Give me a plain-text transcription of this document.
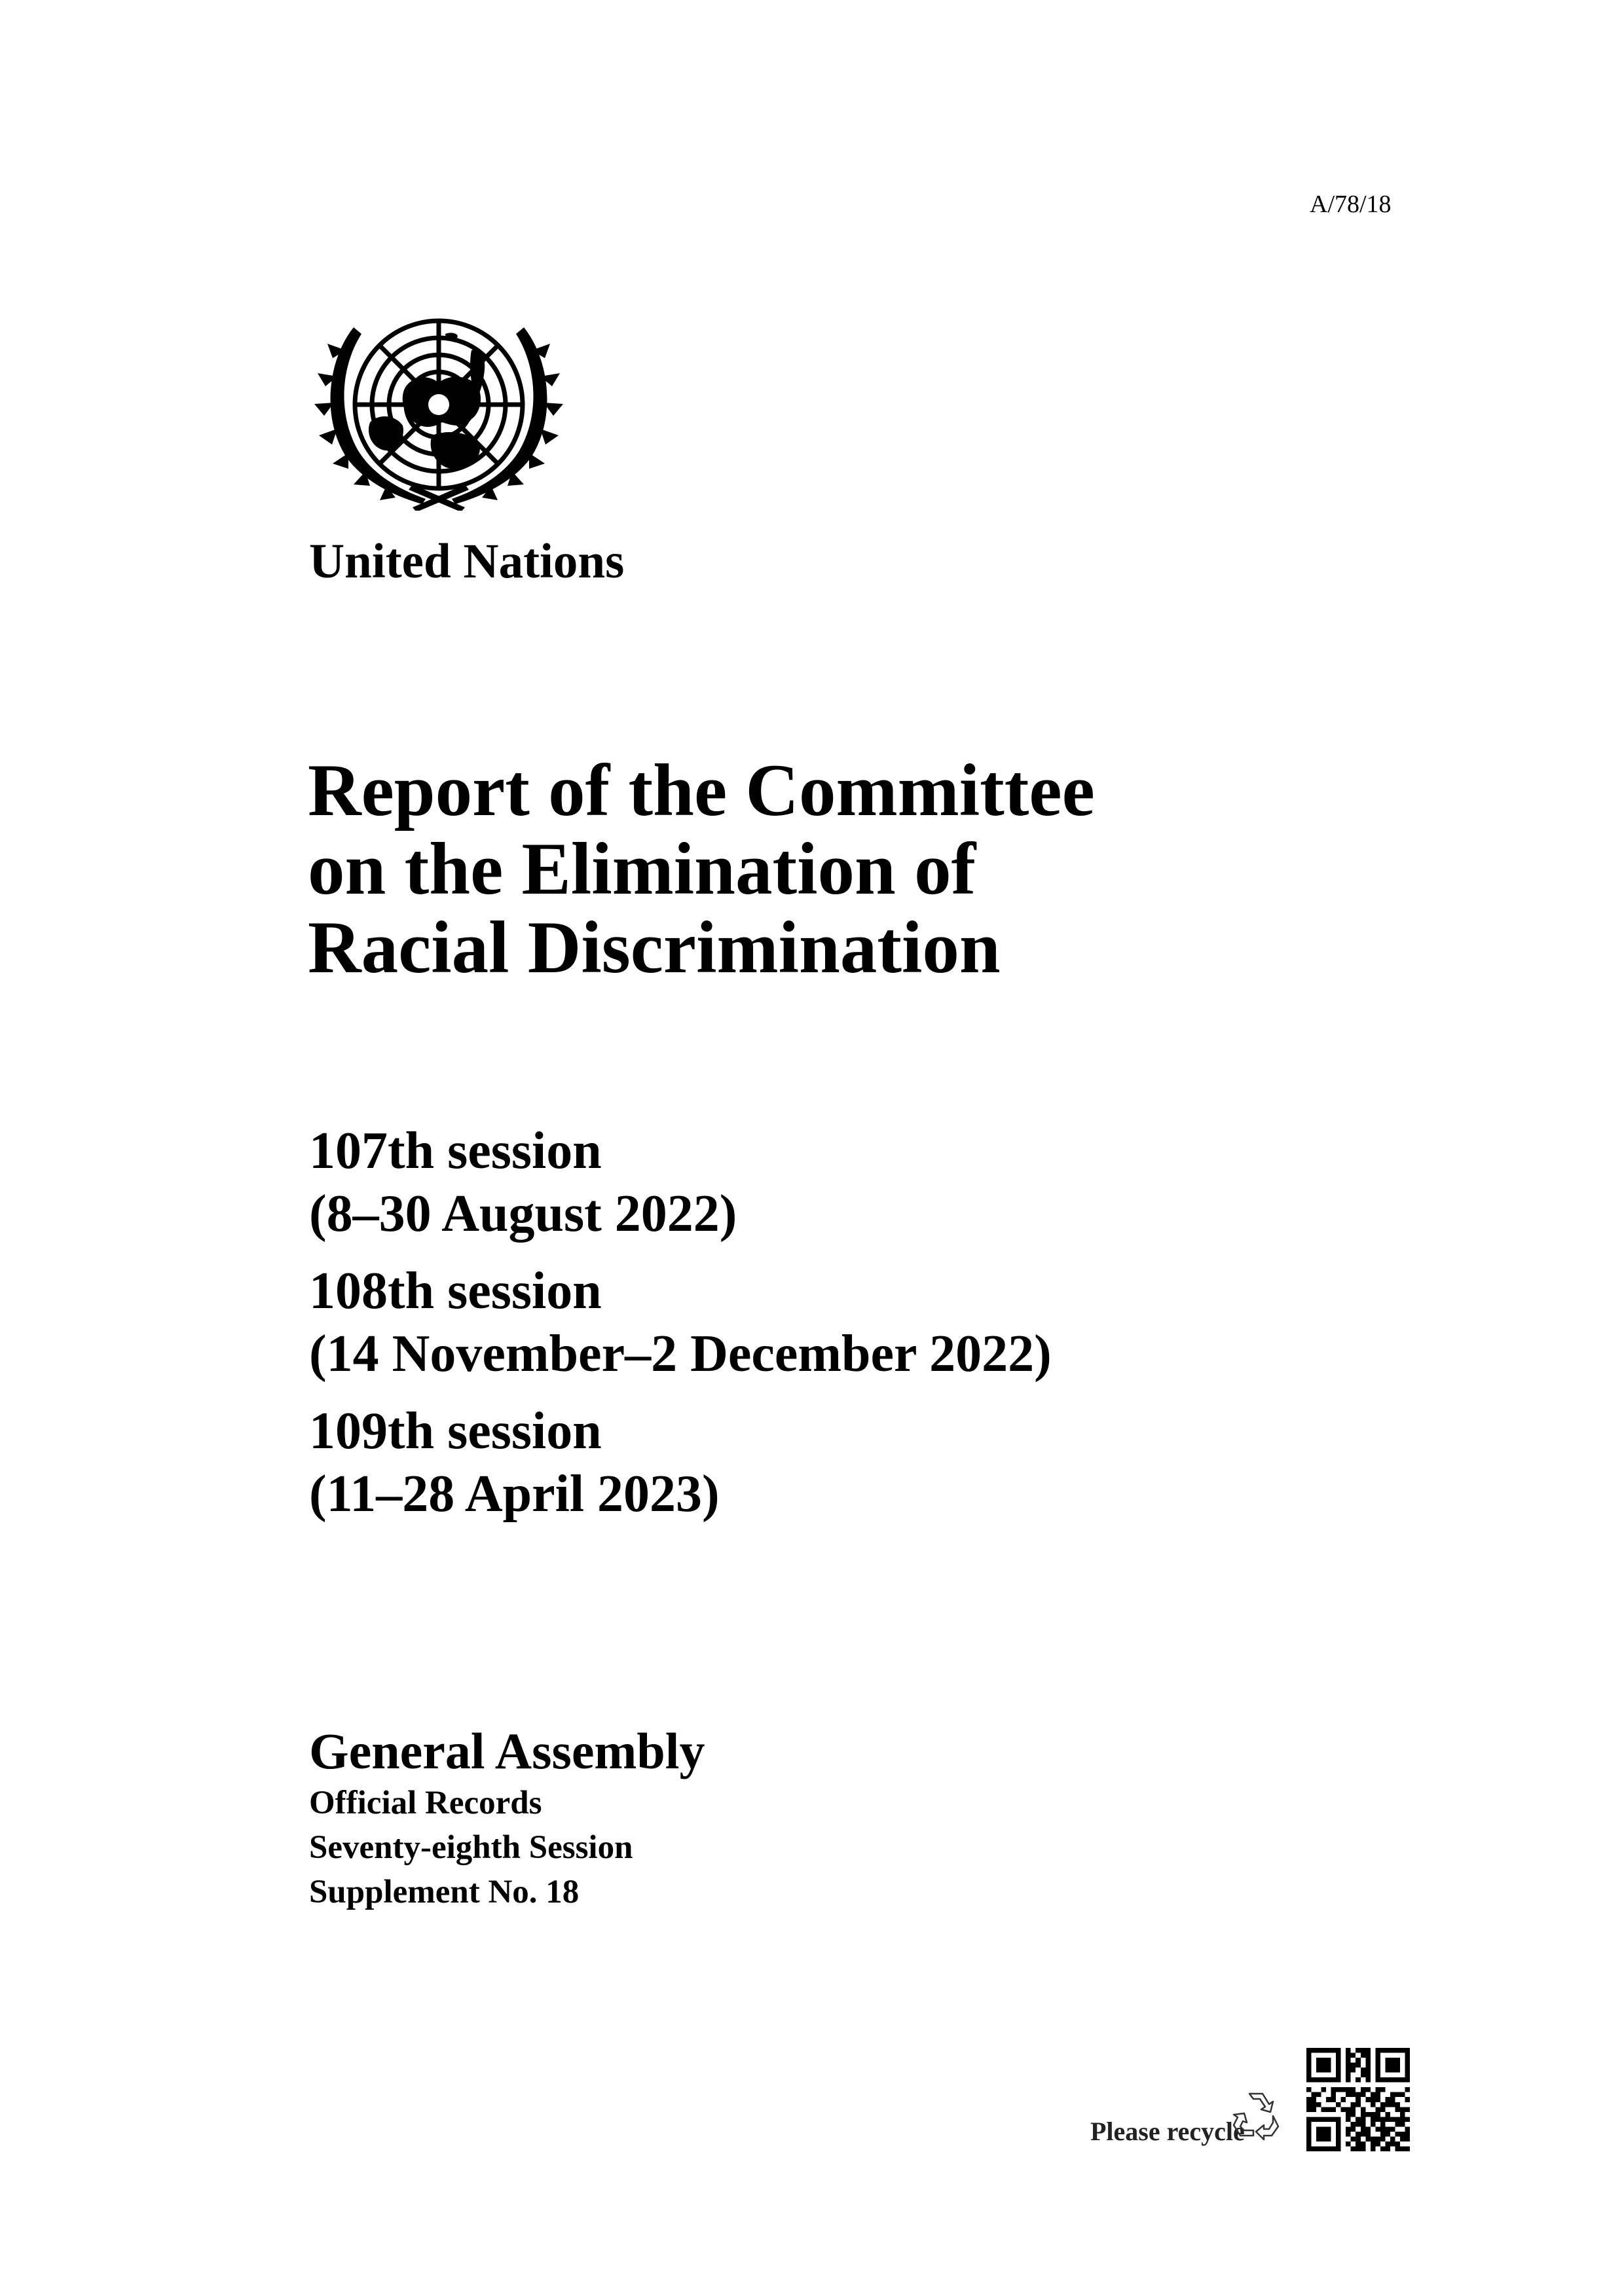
A/78/18
United Nations
Report of the Committee
on the Elimination of
Racial Discrimination
107th session
(8–30 August 2022)
108th session
(14 November–2 December 2022)
109th session
(11–28 April 2023)
General Assembly
Official Records
Seventy-eighth Session
Supplement No. 18
Please recycle
